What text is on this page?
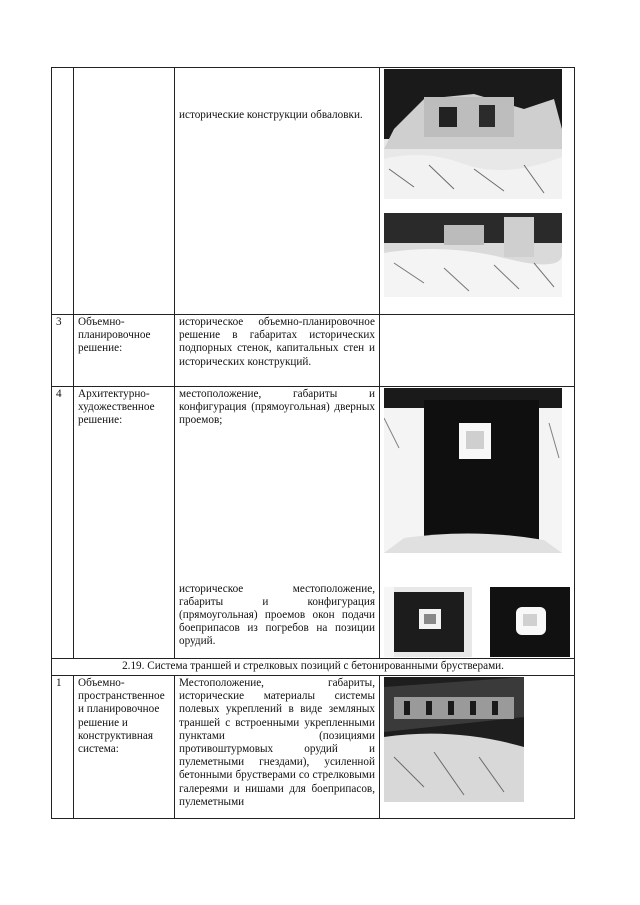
		исторические конструкции обваловки.

3	Объемно-планировочное решение:	историческое объемно-планировочное решение в габаритах исторических подпорных стенок, капитальных стен и исторических конструкций.	

4	Архитектурно-художественное решение:	местоположение, габариты и конфигурация (прямоугольная) дверных проемов;

историческое местоположение, габариты и конфигурация (прямоугольная) проемов окон подачи боеприпасов из погребов на позиции орудий.

2.19. Система траншей и стрелковых позиций с бетонированными брустверами.			
1	Объемно-пространственное и планировочное решение и конструктивная система:	Местоположение, габариты, исторические материалы системы полевых укреплений в виде земляных траншей с встроенными укрепленными пунктами (позициями противоштурмовых орудий и пулеметными гнездами), усиленной бетонными брустверами со стрелковыми галереями и нишами для боеприпасов, пулеметными
